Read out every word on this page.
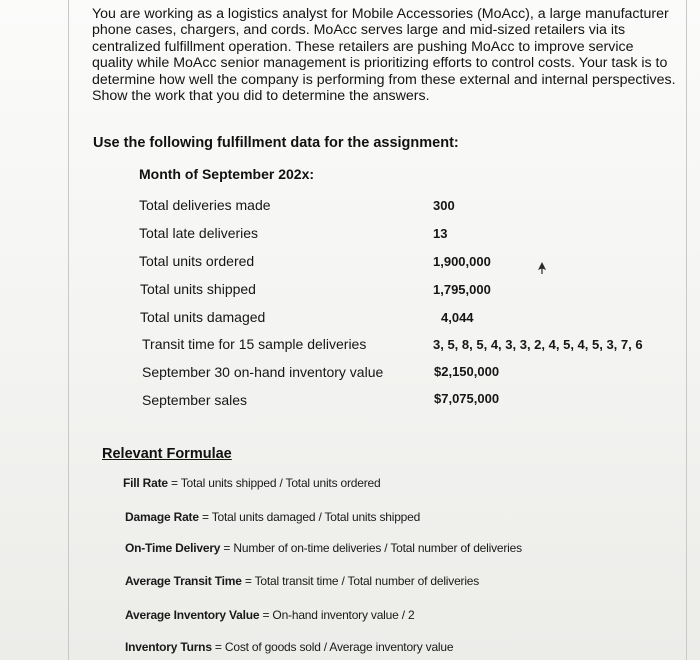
You are working as a logistics analyst for Mobile Accessories (MoAcc), a large manufacturer phone cases, chargers, and cords. MoAcc serves large and mid-sized retailers via its centralized fulfillment operation. These retailers are pushing MoAcc to improve service quality while MoAcc senior management is prioritizing efforts to control costs. Your task is to determine how well the company is performing from these external and internal perspectives. Show the work that you did to determine the answers.

Use the following fulfillment data for the assignment:
Month of September 202x:
Total deliveries made	300
Total late deliveries	13
Total units ordered	1,900,000
Total units shipped	1,795,000
Total units damaged	4,044
Transit time for 15 sample deliveries	3, 5, 8, 5, 4, 3, 3, 2, 4, 5, 4, 5, 3, 7, 6
September 30 on-hand inventory value	$2,150,000
September sales	$7,075,000
Relevant Formulae
Fill Rate = Total units shipped / Total units ordered
Damage Rate = Total units damaged / Total units shipped
On-Time Delivery = Number of on-time deliveries / Total number of deliveries
Average Transit Time = Total transit time / Total number of deliveries
Average Inventory Value = On-hand inventory value / 2
Inventory Turns = Cost of goods sold / Average inventory value
